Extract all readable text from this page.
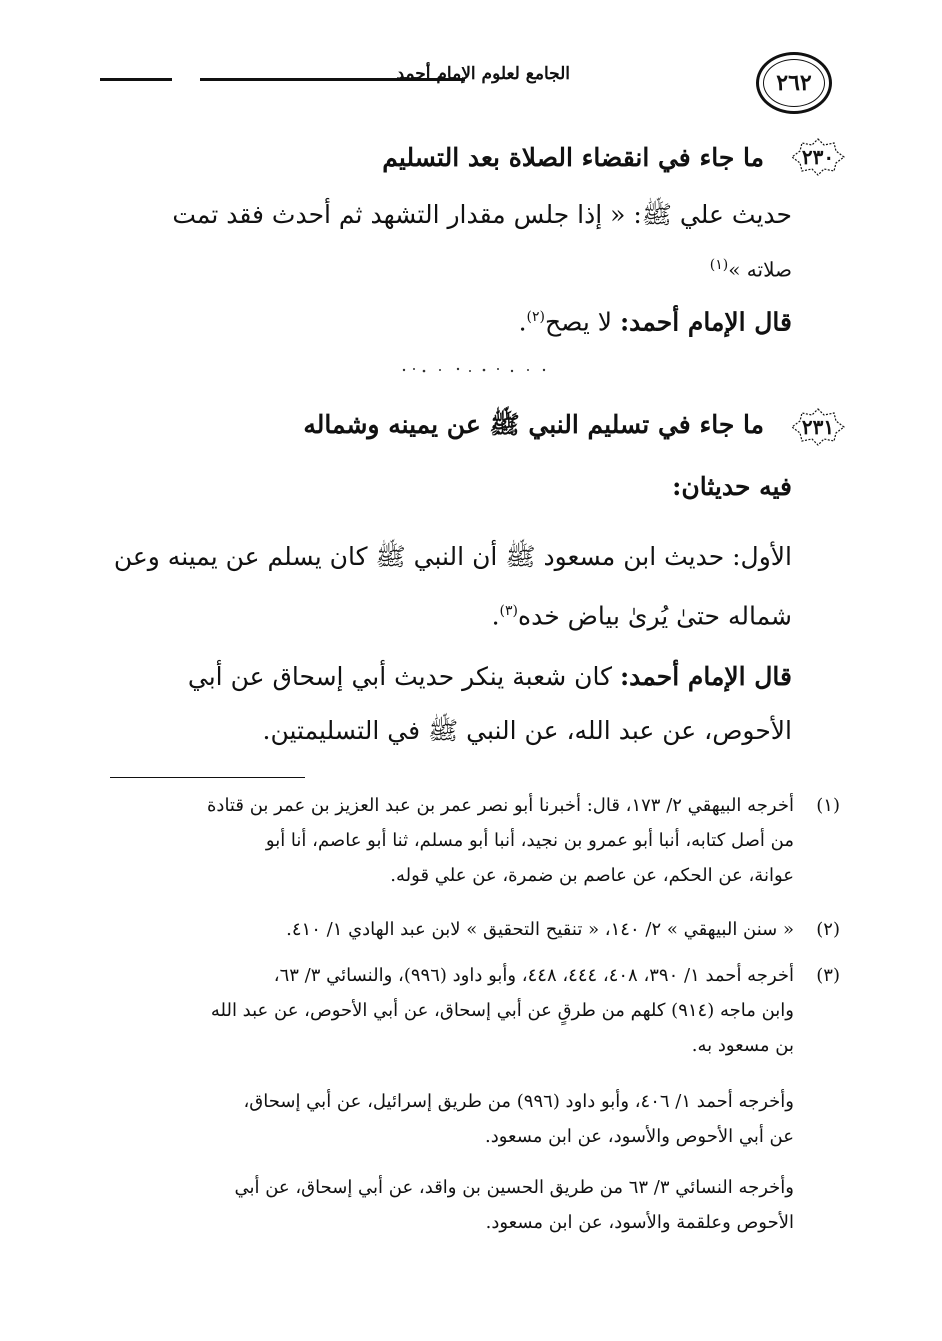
٢٦٢
الجامع لعلوم الإمام أحمد
٢٣٠
ما جاء في انقضاء الصلاة بعد التسليم
حديث علي ﷺ: « إذا جلس مقدار التشهد ثم أحدث فقد تمت
صلاته »$^{(١)}$
قال الإمام أحمد: لا يصح$^{(٢)}$.
٢٣١
ما جاء في تسليم النبي ﷺ عن يمينه وشماله
فيه حديثان:
الأول: حديث ابن مسعود ﷺ أن النبي ﷺ كان يسلم عن يمينه وعن
شماله حتىٰ يُرىٰ بياض خده$^{(٣)}$.
قال الإمام أحمد: كان شعبة ينكر حديث أبي إسحاق عن أبي
الأحوص، عن عبد الله، عن النبي ﷺ في التسليمتين.
(١)
أخرجه البيهقي ٢/ ١٧٣، قال: أخبرنا أبو نصر عمر بن عبد العزيز بن عمر بن قتادة
من أصل كتابه، أنبا أبو عمرو بن نجيد، أنبا أبو مسلم، ثنا أبو عاصم، أنا أبو
عوانة، عن الحكم، عن عاصم بن ضمرة، عن علي قوله.
(٢)
« سنن البيهقي » ٢/ ١٤٠، « تنقيح التحقيق » لابن عبد الهادي ١/ ٤١٠.
(٣)
أخرجه أحمد ١/ ٣٩٠، ٤٠٨، ٤٤٤، ٤٤٨، وأبو داود (٩٩٦)، والنسائي ٣/ ٦٣،
وابن ماجه (٩١٤) كلهم من طرقٍ عن أبي إسحاق، عن أبي الأحوص، عن عبد الله
بن مسعود به.
وأخرجه أحمد ١/ ٤٠٦، وأبو داود (٩٩٦) من طريق إسرائيل، عن أبي إسحاق،
عن أبي الأحوص والأسود، عن ابن مسعود.
وأخرجه النسائي ٣/ ٦٣ من طريق الحسين بن واقد، عن أبي إسحاق، عن أبي
الأحوص وعلقمة والأسود، عن ابن مسعود.
